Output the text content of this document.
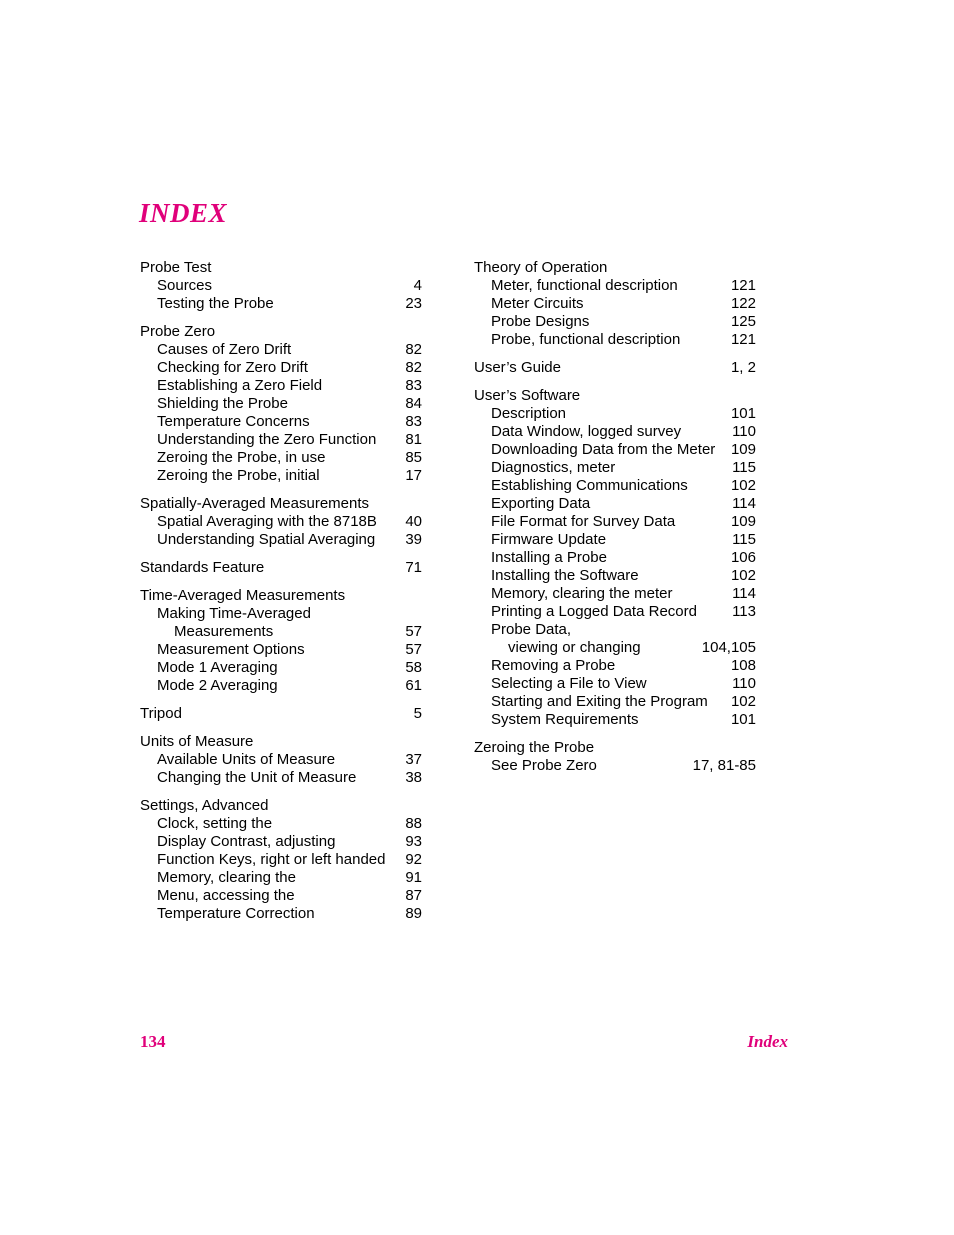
INDEX
Probe Test
Sources	4
Testing the Probe	23
Probe Zero
Causes of Zero Drift	82
Checking for Zero Drift	82
Establishing a Zero Field	83
Shielding the Probe	84
Temperature Concerns	83
Understanding the Zero Function 81
Zeroing the Probe, in use	85
Zeroing the Probe, initial	17
Spatially-Averaged Measurements
Spatial Averaging with the 8718B 40
Understanding Spatial Averaging 39
Standards Feature	71
Time-Averaged Measurements
Making Time-Averaged
Measurements	57
Measurement Options	57
Mode 1 Averaging	58
Mode 2 Averaging	61
Tripod	5
Units of Measure
Available Units of Measure	37
Changing the Unit of Measure	38
Settings, Advanced
Clock, setting the	88
Display Contrast, adjusting	93
Function Keys, right or left handed 92
Memory, clearing the	91
Menu, accessing the	87
Temperature Correction	89
Theory of Operation
Meter, functional description	121
Meter Circuits	122
Probe Designs	125
Probe, functional description	121
User’s Guide	1, 2
User’s Software
Description	101
Data Window, logged survey	110
Downloading Data from the Meter 109
Diagnostics, meter	115
Establishing Communications	102
Exporting Data	114
File Format for Survey Data	109
Firmware Update	115
Installing a Probe	106
Installing the Software	102
Memory, clearing the meter	114
Printing a Logged Data Record 113
Probe Data,
viewing or changing	104,105
Removing a Probe	108
Selecting a File to View	110
Starting and Exiting the Program 102
System Requirements	101
Zeroing the Probe
See Probe Zero	17, 81-85
134	Index
